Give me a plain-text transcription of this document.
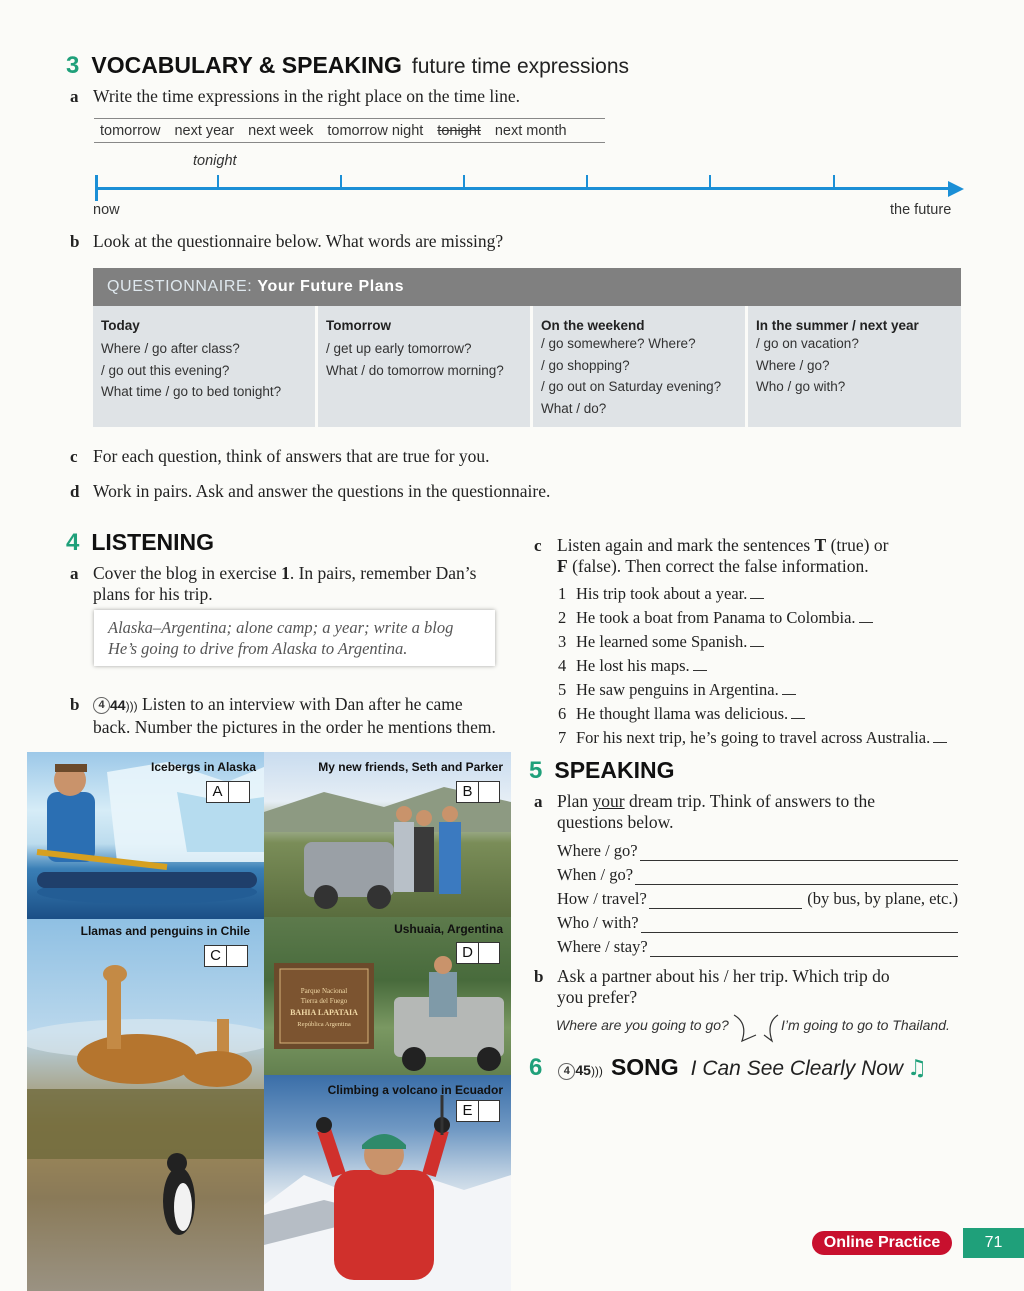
3 VOCABULARY & SPEAKING future time expressions
a Write the time expressions in the right place on the time line.
tomorrow next year next week tomorrow night tonight next month
tonight
now	the future
b Look at the questionnaire below. What words are missing?
QUESTIONNAIRE: Your Future Plans
Today
Where / go after class?
/ go out this evening?
What time / go to bed tonight?
Tomorrow
/ get up early tomorrow?
What / do tomorrow morning?
On the weekend
/ go somewhere? Where?
/ go shopping?
/ go out on Saturday evening?
What / do?
In the summer / next year
/ go on vacation?
Where / go?
Who / go with?
c For each question, think of answers that are true for you.
d Work in pairs. Ask and answer the questions in the questionnaire.
4 LISTENING
a Cover the blog in exercise 1. In pairs, remember Dan’s
plans for his trip.
Alaska–Argentina; alone camp; a year; write a blog
He’s going to drive from Alaska to Argentina.
b 4 44))) Listen to an interview with Dan after he came
back. Number the pictures in the order he mentions them.
Icebergs in Alaska
A
My new friends, Seth and Parker
B
Llamas and penguins in Chile
C
Parque Nacional
Tierra del Fuego
BAHIA LAPATAIA
República Argentina
Ushuaia, Argentina
D
Climbing a volcano in Ecuador
E
c Listen again and mark the sentences T (true) or
F (false). Then correct the false information.
1 His trip took about a year.
2 He took a boat from Panama to Colombia.
3 He learned some Spanish.
4 He lost his maps.
5 He saw penguins in Argentina.
6 He thought llama was delicious.
7 For his next trip, he’s going to travel across Australia.
5 SPEAKING
a Plan your dream trip. Think of answers to the
questions below.
Where / go?
When / go?
How / travel?	(by bus, by plane, etc.)
Who / with?
Where / stay?
b Ask a partner about his / her trip. Which trip do
you prefer?
Where are you going to go?	I’m going to go to Thailand.
6 4 45))) SONG I Can See Clearly Now ♫
Online Practice	71
